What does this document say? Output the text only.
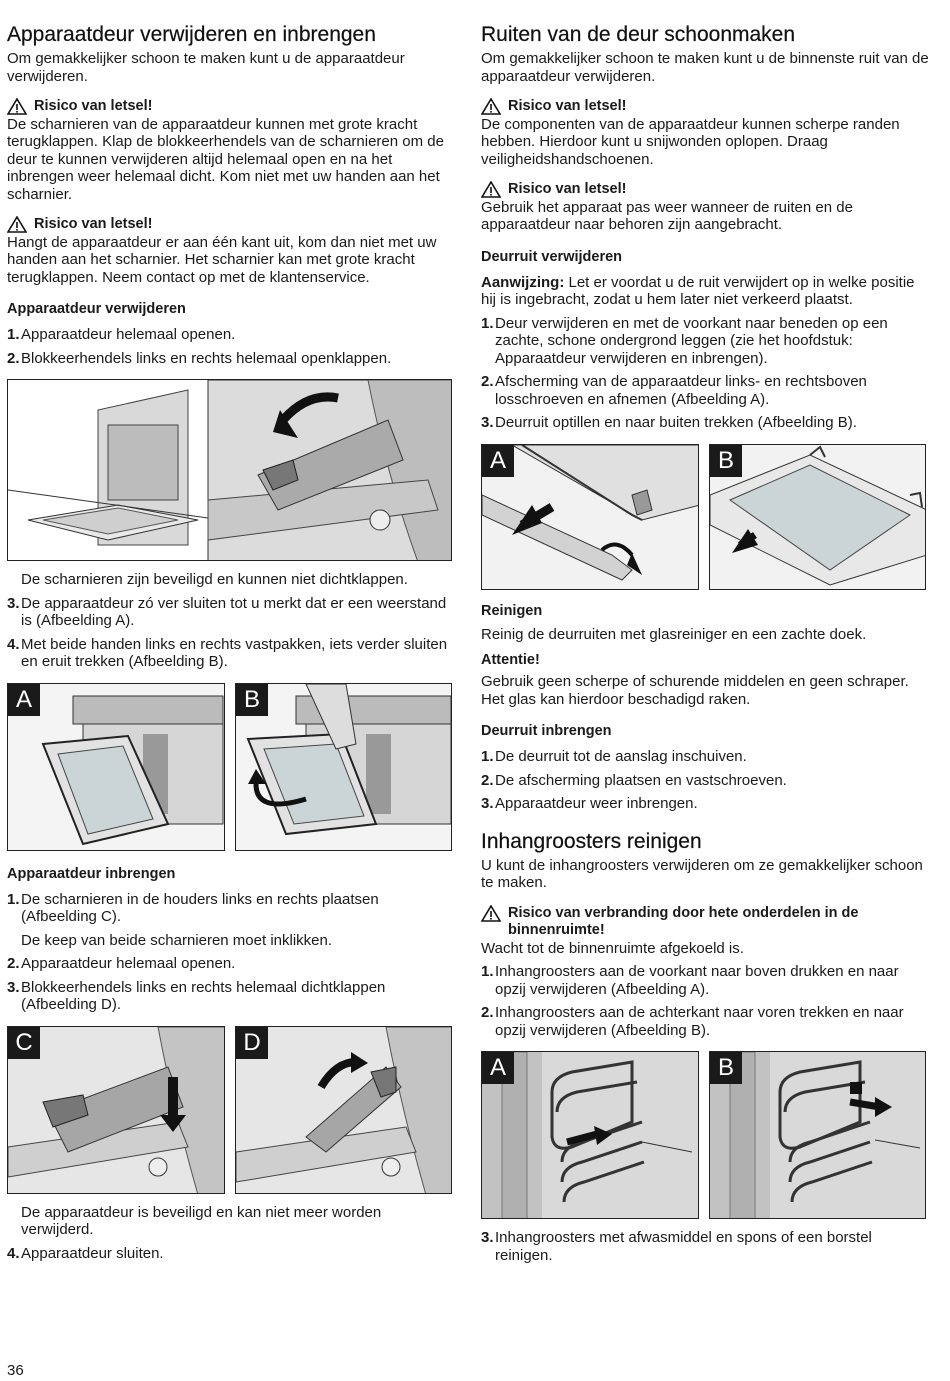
Apparaatdeur verwijderen en inbrengen

Om gemakkelijker schoon te maken kunt u de apparaatdeur verwijderen.

Risico van letsel!

De scharnieren van de apparaatdeur kunnen met grote kracht terugklappen. Klap de blokkeerhendels van de scharnieren om de deur te kunnen verwijderen altijd helemaal open en na het inbrengen weer helemaal dicht. Kom niet met uw handen aan het scharnier.

Risico van letsel!

Hangt de apparaatdeur er aan één kant uit, kom dan niet met uw handen aan het scharnier. Het scharnier kan met grote kracht terugklappen. Neem contact op met de klantenservice.

Apparaatdeur verwijderen
1. Apparaatdeur helemaal openen.
2. Blokkeerhendels links en rechts helemaal openklappen.

De scharnieren zijn beveiligd en kunnen niet dichtklappen.

3. De apparaatdeur zó ver sluiten tot u merkt dat er een weerstand is (Afbeelding A).
4. Met beide handen links en rechts vastpakken, iets verder sluiten en eruit trekken (Afbeelding B).
A	B
Apparaatdeur inbrengen
1. De scharnieren in de houders links en rechts plaatsen (Afbeelding C).

De keep van beide scharnieren moet inklikken.

2. Apparaatdeur helemaal openen.
3. Blokkeerhendels links en rechts helemaal dichtklappen (Afbeelding D).
C	D

De apparaatdeur is beveiligd en kan niet meer worden verwijderd.

4. Apparaatdeur sluiten.
Ruiten van de deur schoonmaken

Om gemakkelijker schoon te maken kunt u de binnenste ruit van de apparaatdeur verwijderen.

Risico van letsel!

De componenten van de apparaatdeur kunnen scherpe randen hebben. Hierdoor kunt u snijwonden oplopen. Draag veiligheidshandschoenen.

Risico van letsel!

Gebruik het apparaat pas weer wanneer de ruiten en de apparaatdeur naar behoren zijn aangebracht.

Deurruit verwijderen

Aanwijzing: Let er voordat u de ruit verwijdert op in welke positie hij is ingebracht, zodat u hem later niet verkeerd plaatst.

1. Deur verwijderen en met de voorkant naar beneden op een zachte, schone ondergrond leggen (zie het hoofdstuk: Apparaatdeur verwijderen en inbrengen).
2. Afscherming van de apparaatdeur links- en rechtsboven losschroeven en afnemen (Afbeelding A).
3. Deurruit optillen en naar buiten trekken (Afbeelding B).
A	B
Reinigen

Reinig de deurruiten met glasreiniger en een zachte doek.

Attentie!

Gebruik geen scherpe of schurende middelen en geen schraper. Het glas kan hierdoor beschadigd raken.

Deurruit inbrengen
1. De deurruit tot de aanslag inschuiven.
2. De afscherming plaatsen en vastschroeven.
3. Apparaatdeur weer inbrengen.
Inhangroosters reinigen

U kunt de inhangroosters verwijderen om ze gemakkelijker schoon te maken.

Risico van verbranding door hete onderdelen in de binnenruimte!

Wacht tot de binnenruimte afgekoeld is.

1. Inhangroosters aan de voorkant naar boven drukken en naar opzij verwijderen (Afbeelding A).
2. Inhangroosters aan de achterkant naar voren trekken en naar opzij verwijderen (Afbeelding B).
A	B
3. Inhangroosters met afwasmiddel en spons of een borstel reinigen.
36
